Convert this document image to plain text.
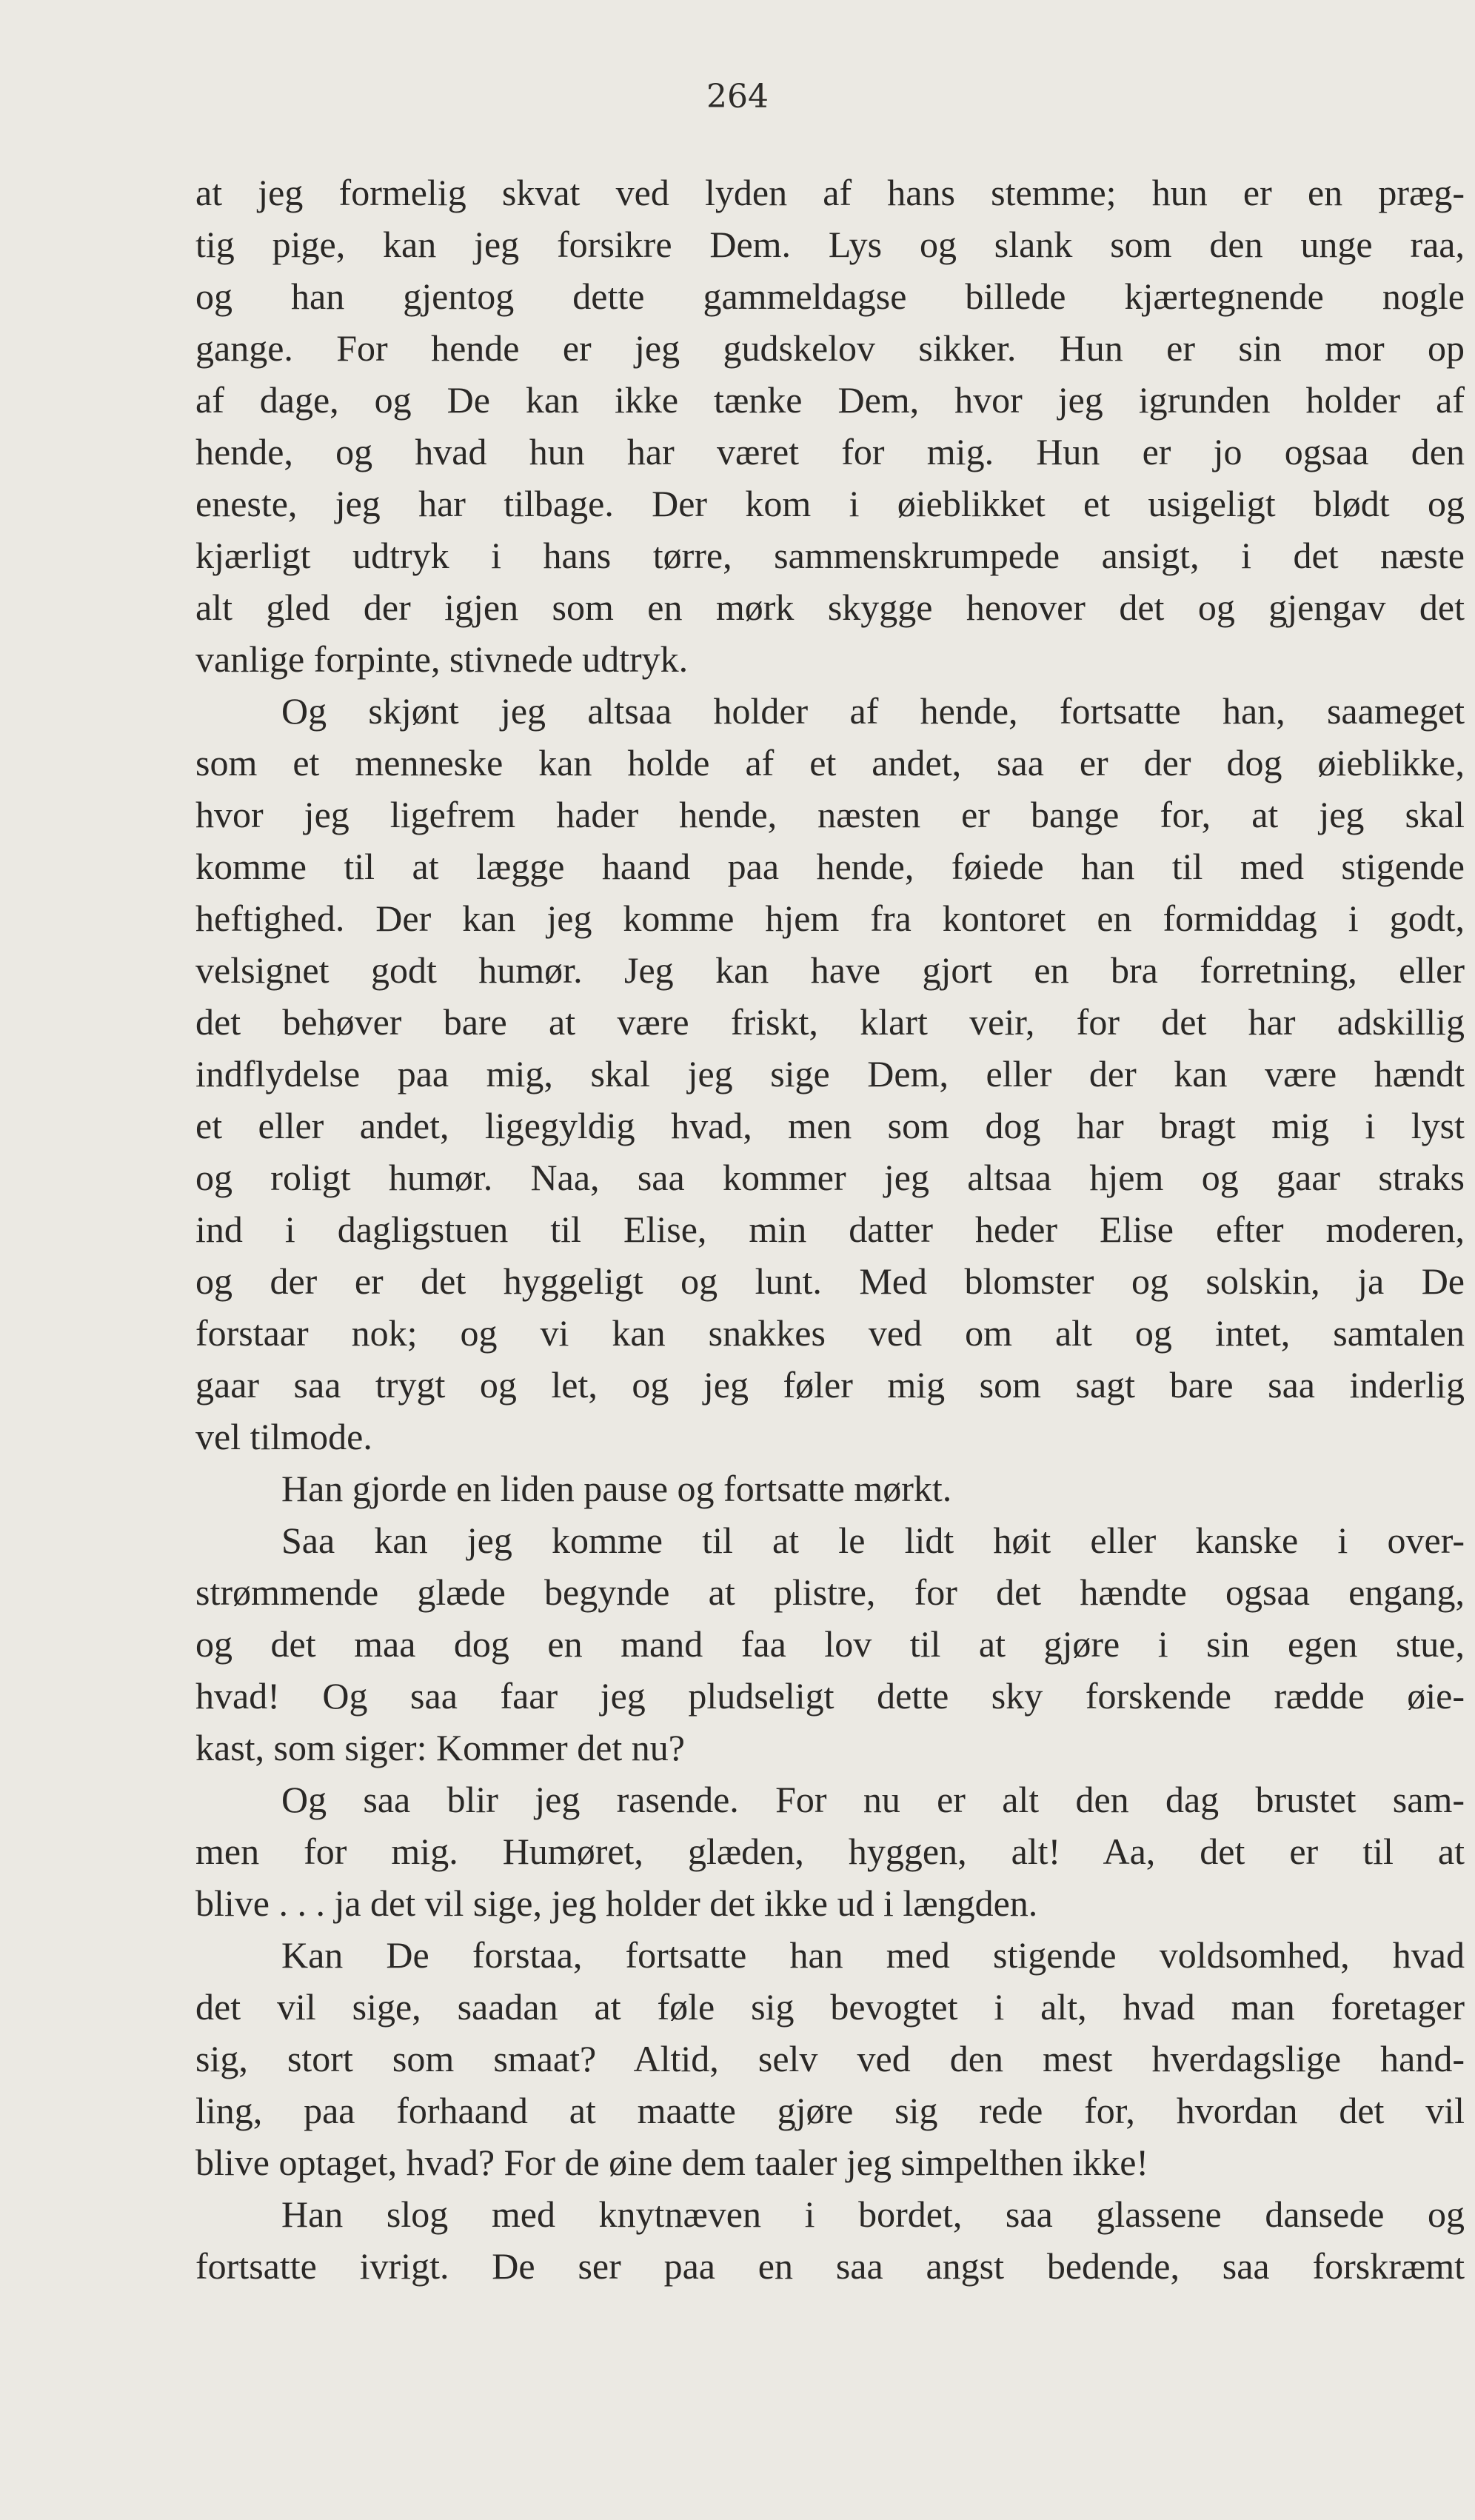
264
at jeg formelig skvat ved lyden af hans stemme; hun er en præg-
tig pige, kan jeg forsikre Dem. Lys og slank som den unge raa,
og han gjentog dette gammeldagse billede kjærtegnende nogle
gange. For hende er jeg gudskelov sikker. Hun er sin mor op
af dage, og De kan ikke tænke Dem, hvor jeg igrunden holder af
hende, og hvad hun har været for mig. Hun er jo ogsaa den
eneste, jeg har tilbage. Der kom i øieblikket et usigeligt blødt og
kjærligt udtryk i hans tørre, sammenskrumpede ansigt, i det næste
alt gled der igjen som en mørk skygge henover det og gjengav det
vanlige forpinte, stivnede udtryk.
Og skjønt jeg altsaa holder af hende, fortsatte han, saameget
som et menneske kan holde af et andet, saa er der dog øieblikke,
hvor jeg ligefrem hader hende, næsten er bange for, at jeg skal
komme til at lægge haand paa hende, føiede han til med stigende
heftighed. Der kan jeg komme hjem fra kontoret en formiddag i godt,
velsignet godt humør. Jeg kan have gjort en bra forretning, eller
det behøver bare at være friskt, klart veir, for det har adskillig
indflydelse paa mig, skal jeg sige Dem, eller der kan være hændt
et eller andet, ligegyldig hvad, men som dog har bragt mig i lyst
og roligt humør. Naa, saa kommer jeg altsaa hjem og gaar straks
ind i dagligstuen til Elise, min datter heder Elise efter moderen,
og der er det hyggeligt og lunt. Med blomster og solskin, ja De
forstaar nok; og vi kan snakkes ved om alt og intet, samtalen
gaar saa trygt og let, og jeg føler mig som sagt bare saa inderlig
vel tilmode.
Han gjorde en liden pause og fortsatte mørkt.
Saa kan jeg komme til at le lidt høit eller kanske i over-
strømmende glæde begynde at plistre, for det hændte ogsaa engang,
og det maa dog en mand faa lov til at gjøre i sin egen stue,
hvad! Og saa faar jeg pludseligt dette sky forskende rædde øie-
kast, som siger: Kommer det nu?
Og saa blir jeg rasende. For nu er alt den dag brustet sam-
men for mig. Humøret, glæden, hyggen, alt! Aa, det er til at
blive . . . ja det vil sige, jeg holder det ikke ud i længden.
Kan De forstaa, fortsatte han med stigende voldsomhed, hvad
det vil sige, saadan at føle sig bevogtet i alt, hvad man foretager
sig, stort som smaat? Altid, selv ved den mest hverdagslige hand-
ling, paa forhaand at maatte gjøre sig rede for, hvordan det vil
blive optaget, hvad? For de øine dem taaler jeg simpelthen ikke!
Han slog med knytnæven i bordet, saa glassene dansede og
fortsatte ivrigt. De ser paa en saa angst bedende, saa forskræmt
